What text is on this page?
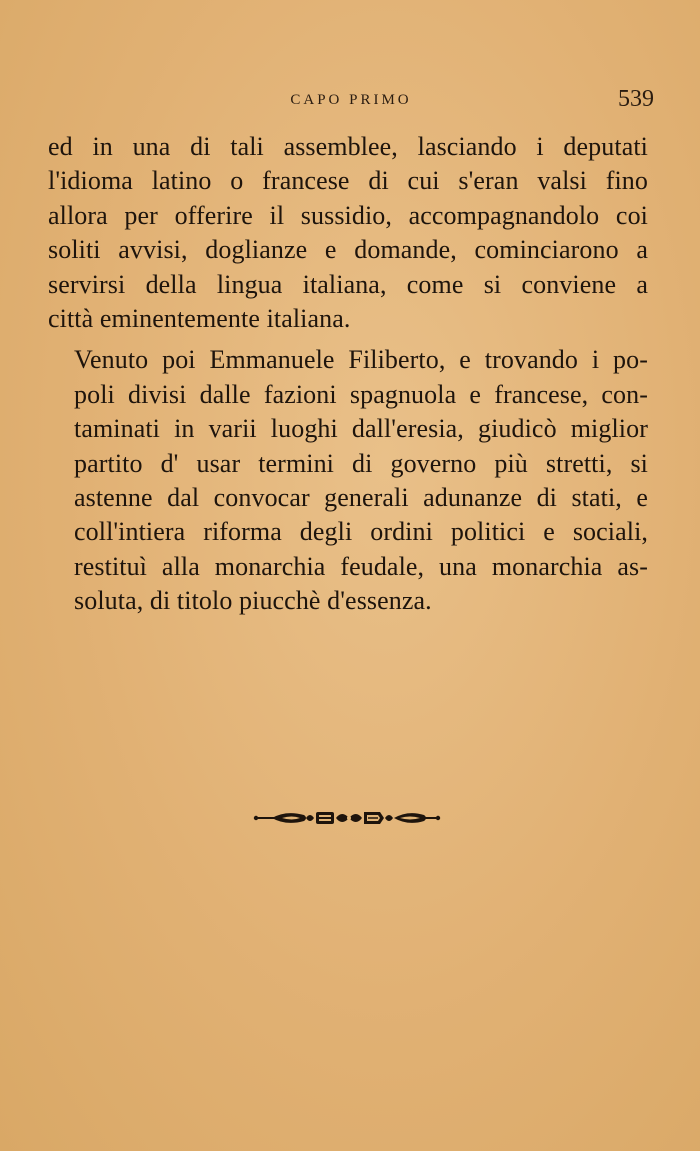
CAPO PRIMO	539

ed in una di tali assemblee, lasciando i deputati
l'idioma latino o francese di cui s'eran valsi fino
allora per offerire il sussidio, accompagnandolo coi
soliti avvisi, doglianze e domande, cominciarono a
servirsi della lingua italiana, come si conviene a
città eminentemente italiana.

Venuto poi Emmanuele Filiberto, e trovando i po-
poli divisi dalle fazioni spagnuola e francese, con-
taminati in varii luoghi dall'eresia, giudicò miglior
partito d' usar termini di governo più stretti, si
astenne dal convocar generali adunanze di stati, e
coll'intiera riforma degli ordini politici e sociali,
restituì alla monarchia feudale, una monarchia as-
soluta, di titolo piucchè d'essenza.
